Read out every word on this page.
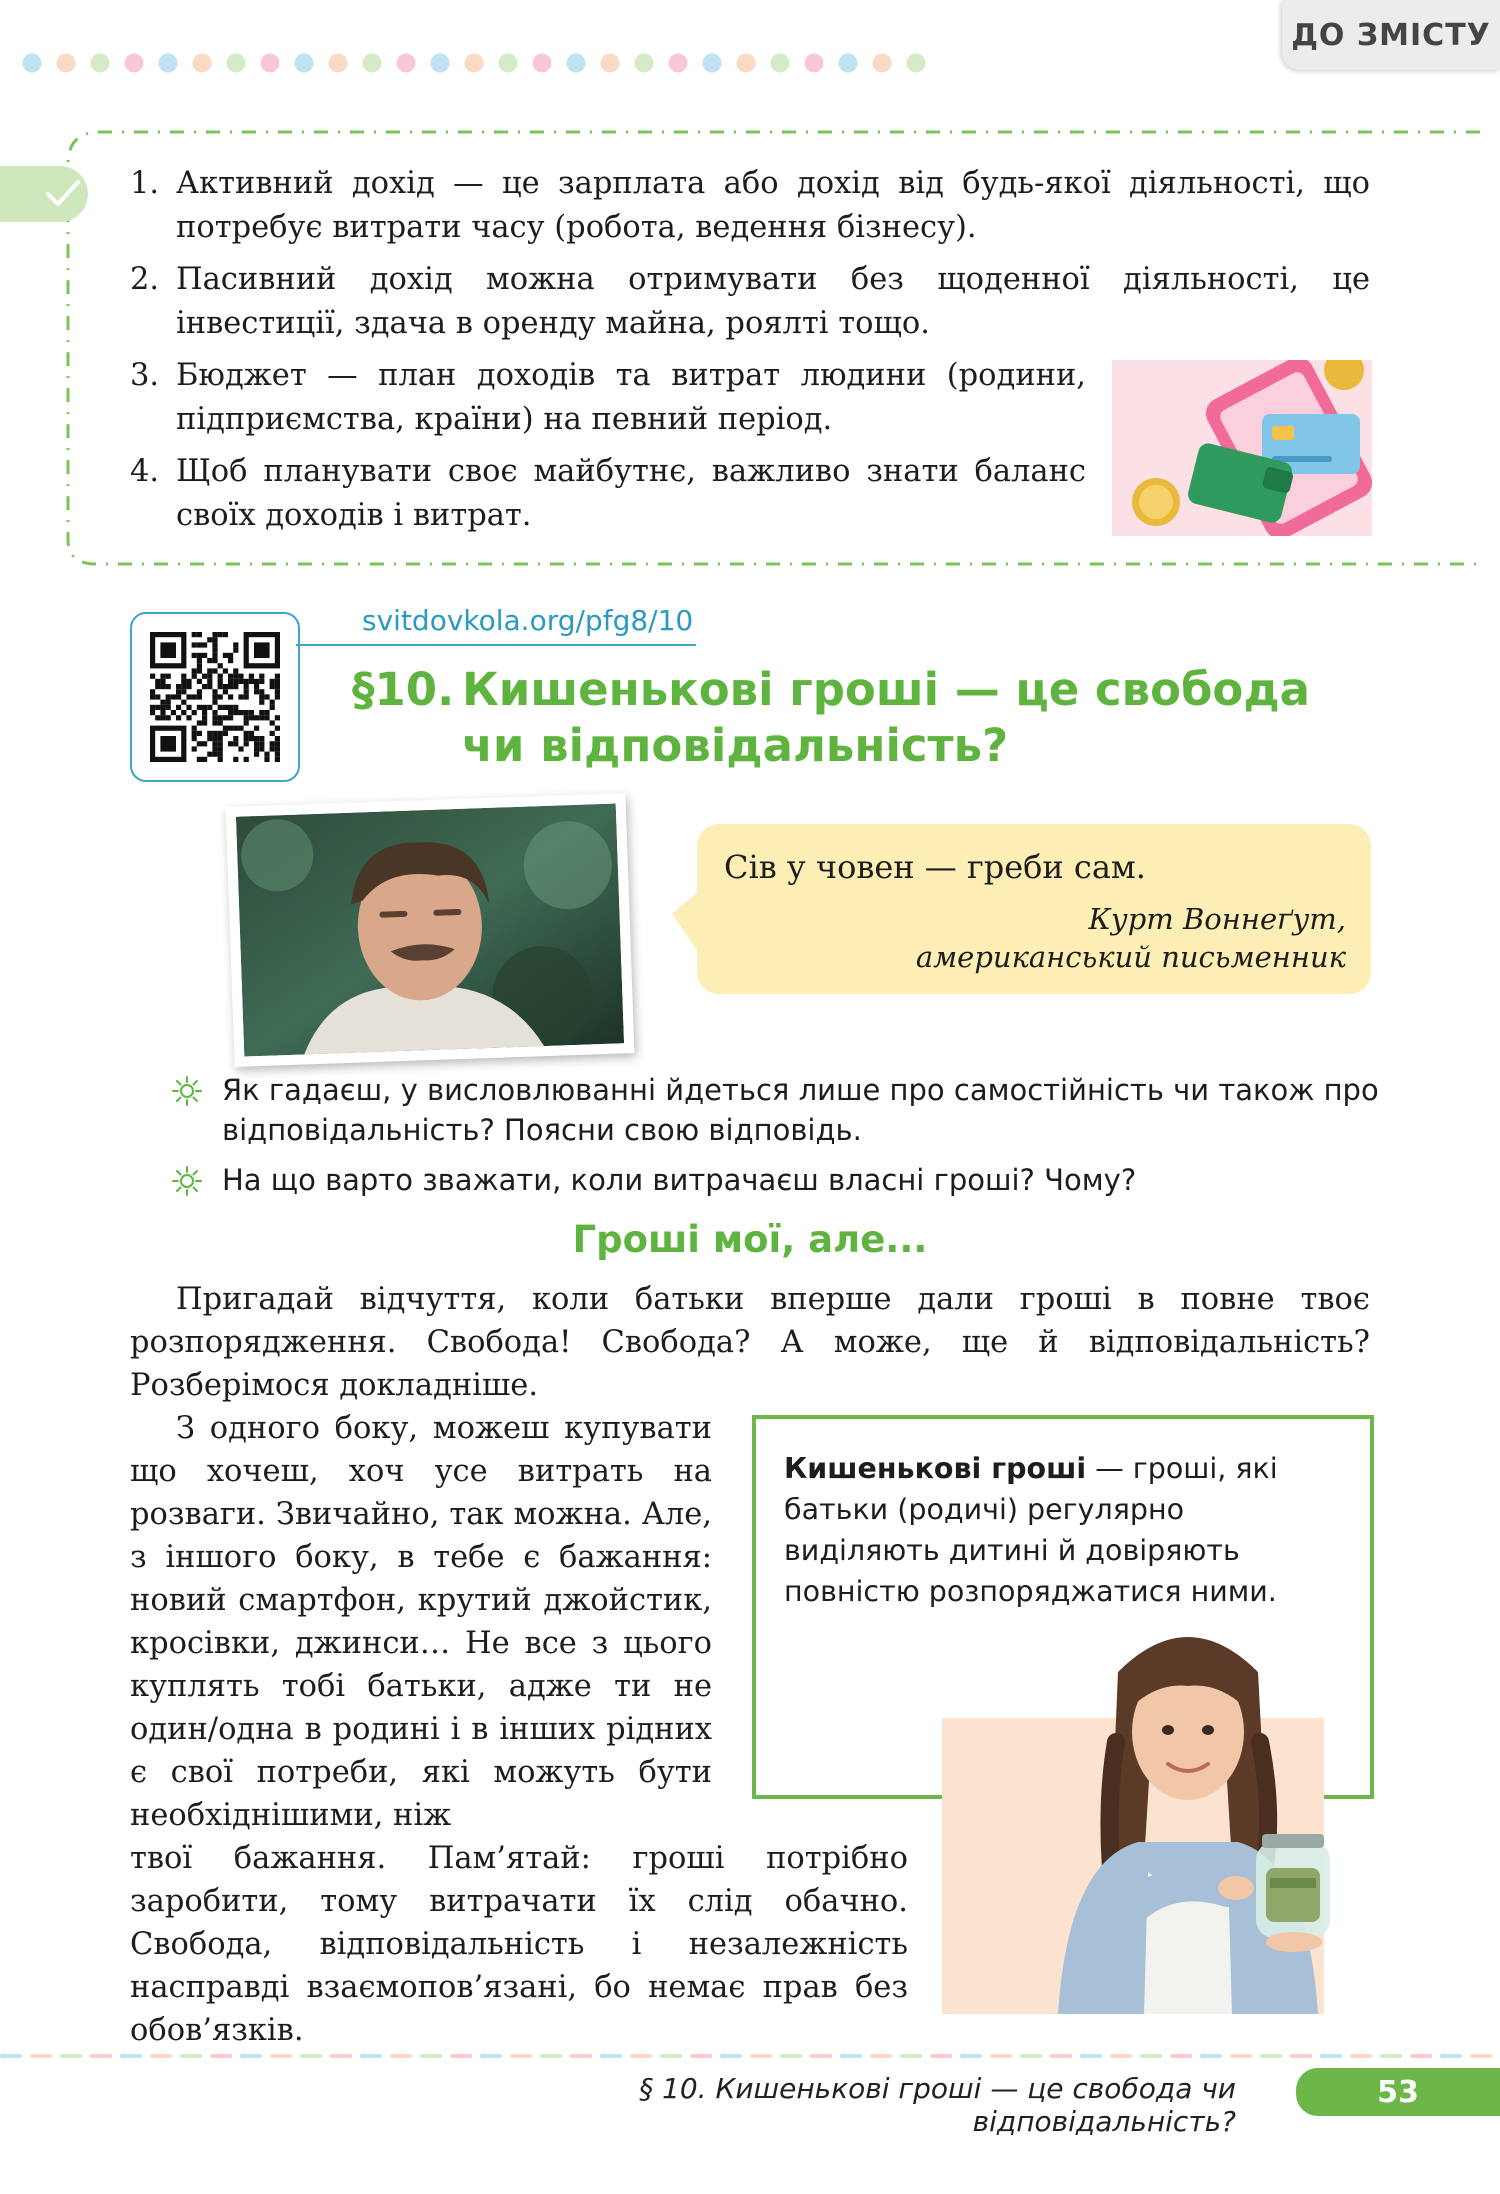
ДО ЗМІСТУ
1. Активний дохід — це зарплата або дохід від будь-якої діяльності, що потребує витрати часу (робота, ведення бізнесу).
2. Пасивний дохід можна отримувати без щоденної діяльності, це інвестиції, здача в оренду майна, роялті тощо.
3. Бюджет — план доходів та витрат людини (родини, підприємства, країни) на певний період.
4. Щоб планувати своє майбутнє, важливо знати баланс своїх доходів і витрат.
svitdovkola.org/pfg8/10
§10. Кишенькові гроші — це свобода
чи відповідальність?
Сів у човен — греби сам.
Курт Воннеґут,
американський письменник
Як гадаєш, у висловлюванні йдеться лише про самостійність чи також про відповідальність? Поясни свою відповідь.
На що варто зважати, коли витрачаєш власні гроші? Чому?
Гроші мої, але...

Пригадай відчуття, коли батьки вперше дали гроші в повне твоє розпорядження. Свобода! Свобода? А може, ще й відповідальність? Розберімося докладніше.

З одного боку, можеш купувати що хочеш, хоч усе витрать на розваги. Звичайно, так можна. Але, з іншого боку, в тебе є бажання: новий смартфон, крутий джойстик, кросівки, джинси… Не все з цього куплять тобі батьки, адже ти не один/одна в родині і в інших рідних є свої потреби, які можуть бути необхіднішими, ніж

твої бажання. Пам’ятай: гроші потрібно заробити, тому витрачати їх слід обачно. Свобода, відповідальність і незалежність насправді взаємопов’язані, бо немає прав без обов’язків.

Кишенькові гроші — гроші, які батьки (родичі) регулярно виділяють дитині й довіряють повністю розпоряджатися ними.
§ 10. Кишенькові гроші — це свобода чи відповідальність?
53
